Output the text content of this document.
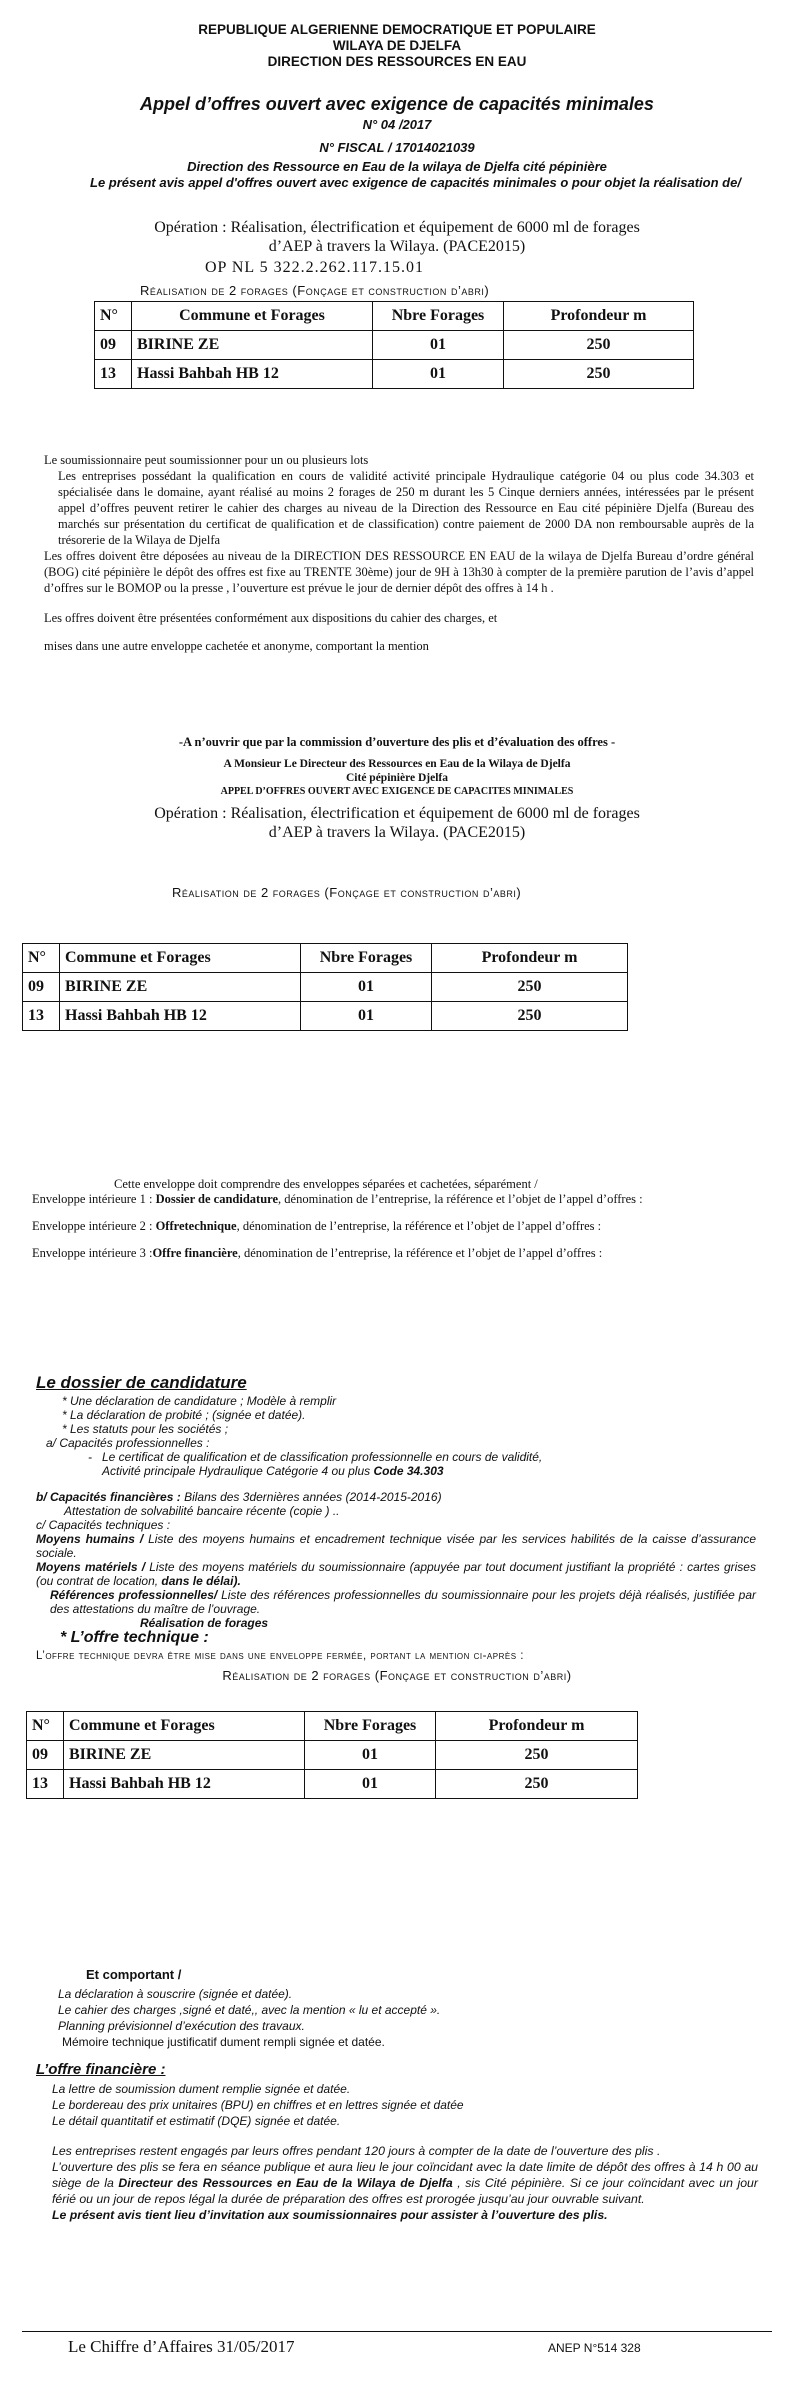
REPUBLIQUE ALGERIENNE DEMOCRATIQUE ET POPULAIRE
WILAYA DE DJELFA
DIRECTION DES RESSOURCES EN EAU
Appel d’offres ouvert avec exigence de capacités minimales
N° 04 /2017
N° FISCAL / 17014021039
Direction des Ressource en Eau de la wilaya de Djelfa cité pépinière
Le présent avis appel d'offres ouvert avec exigence de capacités minimales o pour objet la réalisation de/
Opération : Réalisation, électrification et équipement de 6000 ml de forages
d’AEP à travers la Wilaya. (PACE2015)
OP NL 5 322.2.262.117.15.01
Réalisation de 2 forages (Fonçage et construction d’abri)
N°	Commune et Forages	Nbre Forages	Profondeur m
09	BIRINE ZE	01	250
13	Hassi Bahbah HB 12	01	250

Le soumissionnaire peut soumissionner pour un ou plusieurs lots

Les entreprises possédant la qualification en cours de validité activité principale Hydraulique catégorie 04 ou plus code 34.303 et spécialisée dans le domaine, ayant réalisé au moins 2 forages de 250 m durant les 5 Cinque derniers années, intéressées par le présent appel d’offres peuvent retirer le cahier des charges au niveau de la Direction des Ressource en Eau cité pépinière Djelfa (Bureau des marchés sur présentation du certificat de qualification et de classification) contre paiement de 2000 DA non remboursable auprès de la trésorerie de la Wilaya de Djelfa

Les offres doivent être déposées au niveau de la DIRECTION DES RESSOURCE EN EAU de la wilaya de Djelfa Bureau d’ordre général (BOG) cité pépinière le dépôt des offres est fixe au TRENTE 30ème) jour de 9H à 13h30 à compter de la première parution de l’avis d’appel d’offres sur le BOMOP ou la presse , l’ouverture est prévue le jour de dernier dépôt des offres à 14 h .

Les offres doivent être présentées conformément aux dispositions du cahier des charges, et

mises dans une autre enveloppe cachetée et anonyme, comportant la mention

-A n’ouvrir que par la commission d’ouverture des plis et d’évaluation des offres -
A Monsieur Le Directeur des Ressources en Eau de la Wilaya de Djelfa
Cité pépinière Djelfa
APPEL D’OFFRES OUVERT AVEC EXIGENCE DE CAPACITES MINIMALES
Opération : Réalisation, électrification et équipement de 6000 ml de forages
d’AEP à travers la Wilaya. (PACE2015)
Réalisation de 2 forages (Fonçage et construction d’abri)
N°	Commune et Forages	Nbre Forages	Profondeur m
09	BIRINE ZE	01	250
13	Hassi Bahbah HB 12	01	250

Cette enveloppe doit comprendre des enveloppes séparées et cachetées, séparément /

Enveloppe intérieure 1 : Dossier de candidature, dénomination de l’entreprise, la référence et l’objet de l’appel d’offres :

Enveloppe intérieure 2 : Offretechnique, dénomination de l’entreprise, la référence et l’objet de l’appel d’offres :

Enveloppe intérieure 3 :Offre financière, dénomination de l’entreprise, la référence et l’objet de l’appel d’offres :

Le dossier de candidature

* Une déclaration de candidature ; Modèle à remplir

* La déclaration de probité ; (signée et datée).

* Les statuts pour les sociétés ;

a/ Capacités professionnelles :

-   Le certificat de qualification et de classification professionnelle en cours de validité,

Activité principale Hydraulique Catégorie 4 ou plus Code 34.303

b/ Capacités financières : Bilans des 3dernières années (2014-2015-2016)

Attestation de solvabilité bancaire récente (copie ) ..

c/ Capacités techniques :

Moyens humains / Liste des moyens humains et encadrement technique visée par les services habilités de la caisse d’assurance sociale.

Moyens matériels / Liste des moyens matériels du soumissionnaire (appuyée par tout document justifiant la propriété : cartes grises (ou contrat de location, dans le délai).

Références professionnelles/ Liste des références professionnelles du soumissionnaire pour les projets déjà réalisés, justifiée par des attestations du maître de l’ouvrage.

Réalisation de forages

* L’offre technique :
L’offre technique devra être mise dans une enveloppe fermée, portant la mention ci-après :
Réalisation de 2 forages (Fonçage et construction d’abri)
N°	Commune et Forages	Nbre Forages	Profondeur m
09	BIRINE ZE	01	250
13	Hassi Bahbah HB 12	01	250
Et comportant /

La déclaration à souscrire (signée et datée).

Le cahier des charges ,signé et daté,, avec la mention « lu et accepté ».

Planning prévisionnel d’exécution des travaux.

Mémoire technique justificatif dument rempli signée et datée.

L’offre financière :

La lettre de soumission dument remplie signée et datée.

Le bordereau des prix unitaires (BPU) en chiffres et en lettres signée et datée

Le détail quantitatif et estimatif (DQE) signée et datée.

Les entreprises restent engagés par leurs offres pendant 120 jours à compter de la date de l’ouverture des plis .

L’ouverture des plis se fera en séance publique et aura lieu le jour coïncidant avec la date limite de dépôt des offres à 14 h 00 au siège de la Directeur des Ressources en Eau de la Wilaya de Djelfa , sis Cité pépinière. Si ce jour coïncidant avec un jour férié ou un jour de repos légal la durée de préparation des offres est prorogée jusqu’au jour ouvrable suivant.

Le présent avis tient lieu d’invitation aux soumissionnaires pour assister à l’ouverture des plis.

Le Chiffre d’Affaires 31/05/2017	ANEP N°514 328
